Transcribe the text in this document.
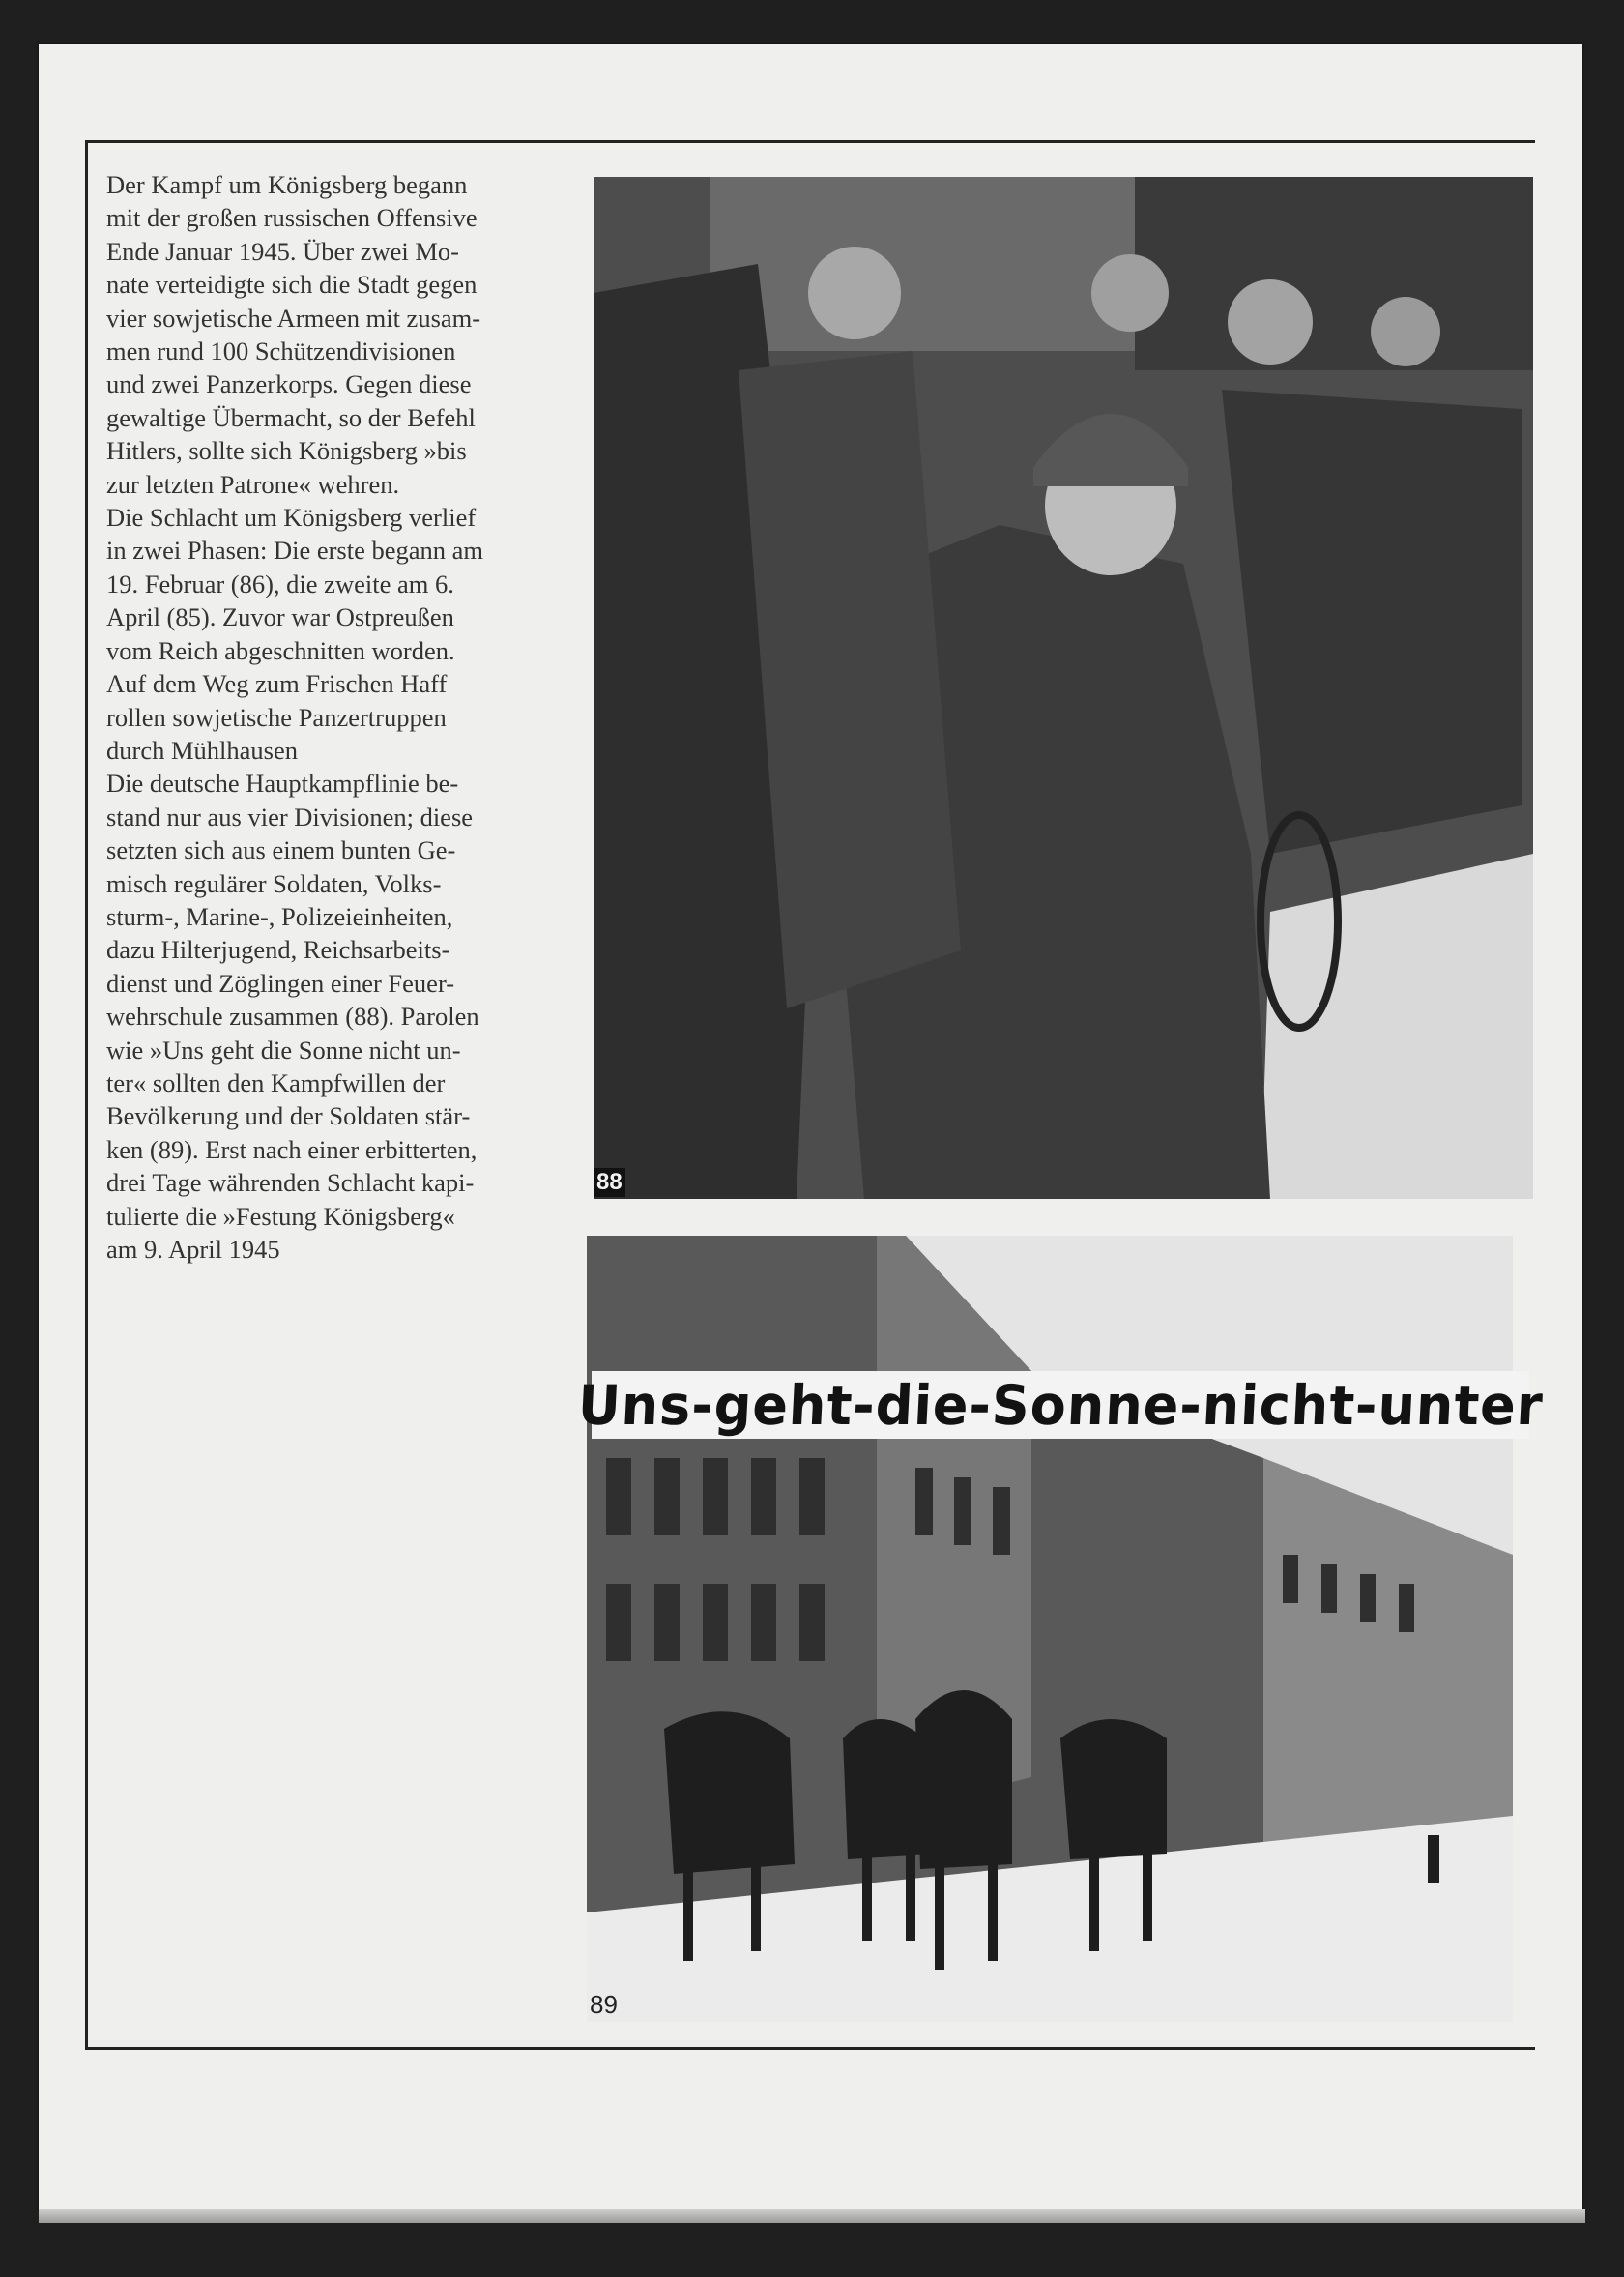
Der Kampf um Königsberg begann
mit der großen russischen Offensive
Ende Januar 1945. Über zwei Mo-
nate verteidigte sich die Stadt gegen
vier sowjetische Armeen mit zusam-
men rund 100 Schützendivisionen
und zwei Panzerkorps. Gegen diese
gewaltige Übermacht, so der Befehl
Hitlers, sollte sich Königsberg »bis
zur letzten Patrone« wehren.

Die Schlacht um Königsberg verlief
in zwei Phasen: Die erste begann am
19. Februar (86), die zweite am 6.
April (85). Zuvor war Ostpreußen
vom Reich abgeschnitten worden.
Auf dem Weg zum Frischen Haff
rollen sowjetische Panzertruppen
durch Mühlhausen

Die deutsche Hauptkampflinie be-
stand nur aus vier Divisionen; diese
setzten sich aus einem bunten Ge-
misch regulärer Soldaten, Volks-
sturm-, Marine-, Polizeieinheiten,
dazu Hilterjugend, Reichsarbeits-
dienst und Zöglingen einer Feuer-
wehrschule zusammen (88). Parolen
wie »Uns geht die Sonne nicht un-
ter« sollten den Kampfwillen der
Bevölkerung und der Soldaten stär-
ken (89). Erst nach einer erbitterten,
drei Tage währenden Schlacht kapi-
tulierte die »Festung Königsberg«
am 9. April 1945

88
Uns-geht-die-Sonne-nicht-unter
89
